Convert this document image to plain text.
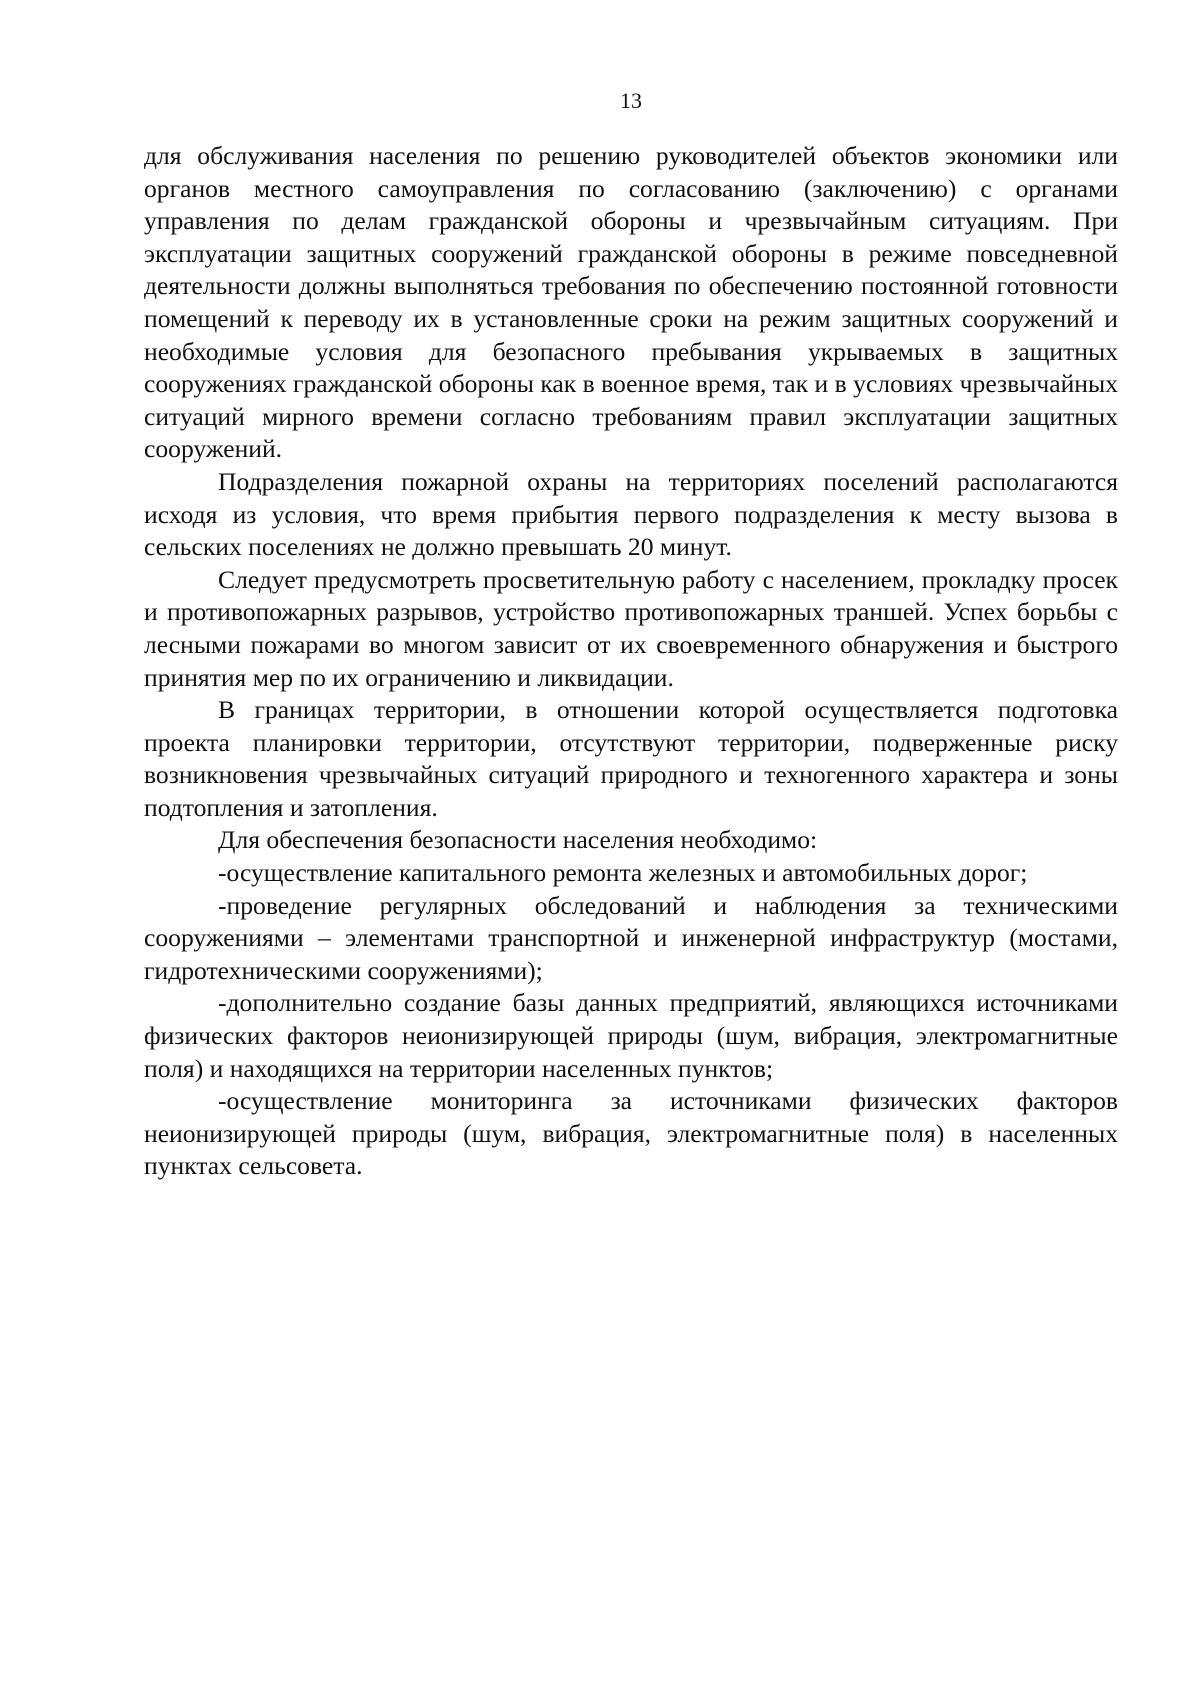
13

для обслуживания населения по решению руководителей объектов экономики или органов местного самоуправления по согласованию (заключению) с органами управления по делам гражданской обороны и чрезвычайным ситуациям. При эксплуатации защитных сооружений гражданской обороны в режиме повседневной деятельности должны выполняться требования по обеспечению постоянной готовности помещений к переводу их в установленные сроки на режим защитных сооружений и необходимые условия для безопасного пребывания укрываемых в защитных сооружениях гражданской обороны как в военное время, так и в условиях чрезвычайных ситуаций мирного времени согласно требованиям правил эксплуатации защитных сооружений.

Подразделения пожарной охраны на территориях поселений располагаются исходя из условия, что время прибытия первого подразделения к месту вызова в сельских поселениях не должно превышать 20 минут.

Следует предусмотреть просветительную работу с населением, прокладку просек и противопожарных разрывов, устройство противопожарных траншей. Успех борьбы с лесными пожарами во многом зависит от их своевременного обнаружения и быстрого принятия мер по их ограничению и ликвидации.

В границах территории, в отношении которой осуществляется подготовка проекта планировки территории, отсутствуют территории, подверженные риску возникновения чрезвычайных ситуаций природного и техногенного характера и зоны подтопления и затопления.

Для обеспечения безопасности населения необходимо:

-осуществление капитального ремонта железных и автомобильных дорог;

-проведение регулярных обследований и наблюдения за техническими сооружениями – элементами транспортной и инженерной инфраструктур (мостами, гидротехническими сооружениями);

-дополнительно создание базы данных предприятий, являющихся источниками физических факторов неионизирующей природы (шум, вибрация, электромагнитные поля) и находящихся на территории населенных пунктов;

-осуществление мониторинга за источниками физических факторов неионизирующей природы (шум, вибрация, электромагнитные поля) в населенных пунктах сельсовета.
